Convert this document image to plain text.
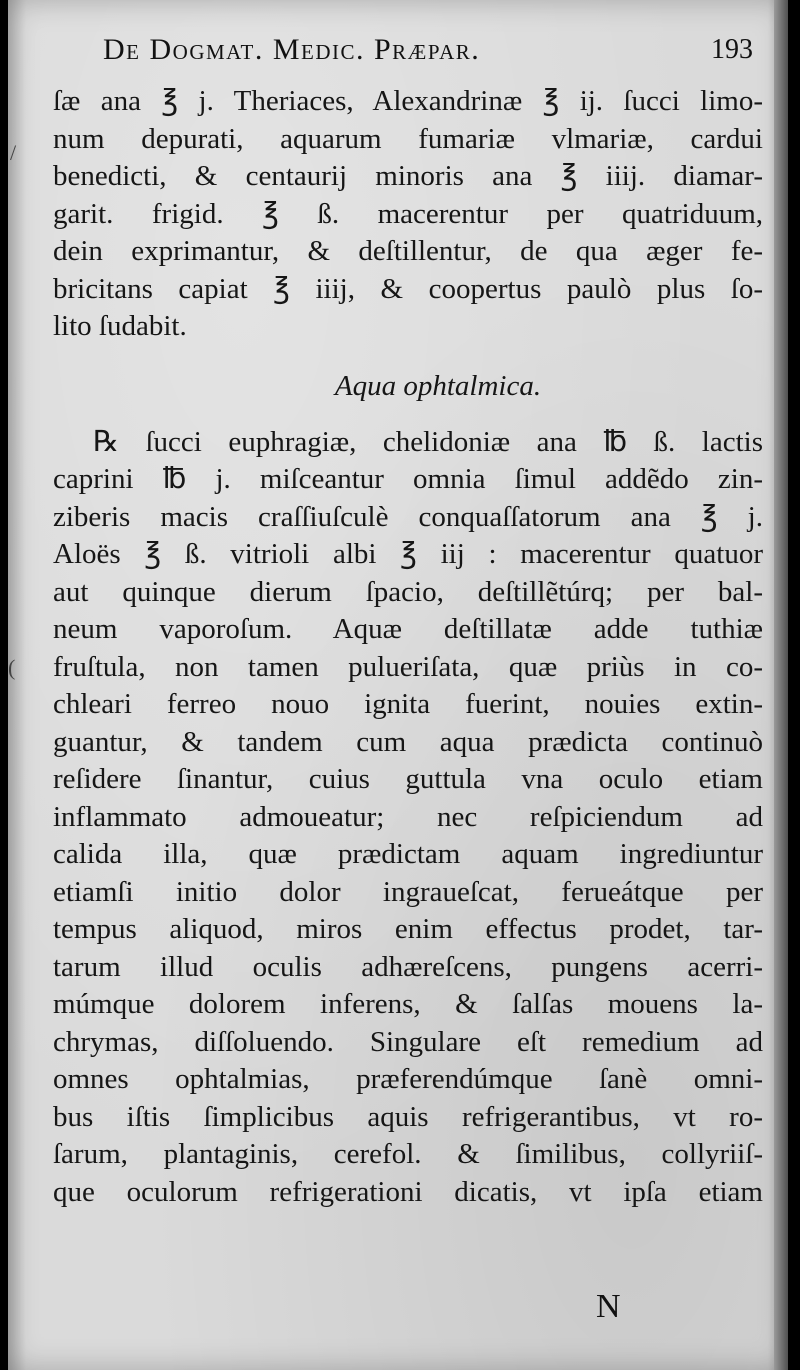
De Dogmat. Medic. Præpar.	193
/
(
ſæ ana ℥ j. Theriaces, Alexandrinæ ℥ ij. ſucci limo-
num depurati, aquarum fumariæ vlmariæ, cardui
benedicti, & centaurij minoris ana ℥ iiij. diamar-
garit. frigid. ℥ ß. macerentur per quatriduum,
dein exprimantur, & deſtillentur, de qua æger fe-
bricitans capiat ℥ iiij, & coopertus paulò plus ſo-
lito ſudabit.
Aqua ophtalmica.
℞ ſucci euphragiæ, chelidoniæ ana ℔ ß. lactis
caprini ℔ j. miſceantur omnia ſimul addẽdo zin-
ziberis macis craſſiuſculè conquaſſatorum ana ℥ j.
Aloës ℥ ß. vitrioli albi ℥ iij : macerentur quatuor
aut quinque dierum ſpacio, deſtillẽtúrq; per bal-
neum vaporoſum. Aquæ deſtillatæ adde tuthiæ
fruſtula, non tamen pulueriſata, quæ priùs in co-
chleari ferreo nouo ignita fuerint, nouies extin-
guantur, & tandem cum aqua prædicta continuò
reſidere ſinantur, cuius guttula vna oculo etiam
inflammato admoueatur; nec reſpiciendum ad
calida illa, quæ prædictam aquam ingrediuntur
etiamſi initio dolor ingraueſcat, ferueátque per
tempus aliquod, miros enim effectus prodet, tar-
tarum illud oculis adhæreſcens, pungens acerri-
múmque dolorem inferens, & ſalſas mouens la-
chrymas, diſſoluendo. Singulare eſt remedium ad
omnes ophtalmias, præferendúmque ſanè omni-
bus iſtis ſimplicibus aquis refrigerantibus, vt ro-
ſarum, plantaginis, cerefol. & ſimilibus, collyriiſ-
que oculorum refrigerationi dicatis, vt ipſa etiam
N
